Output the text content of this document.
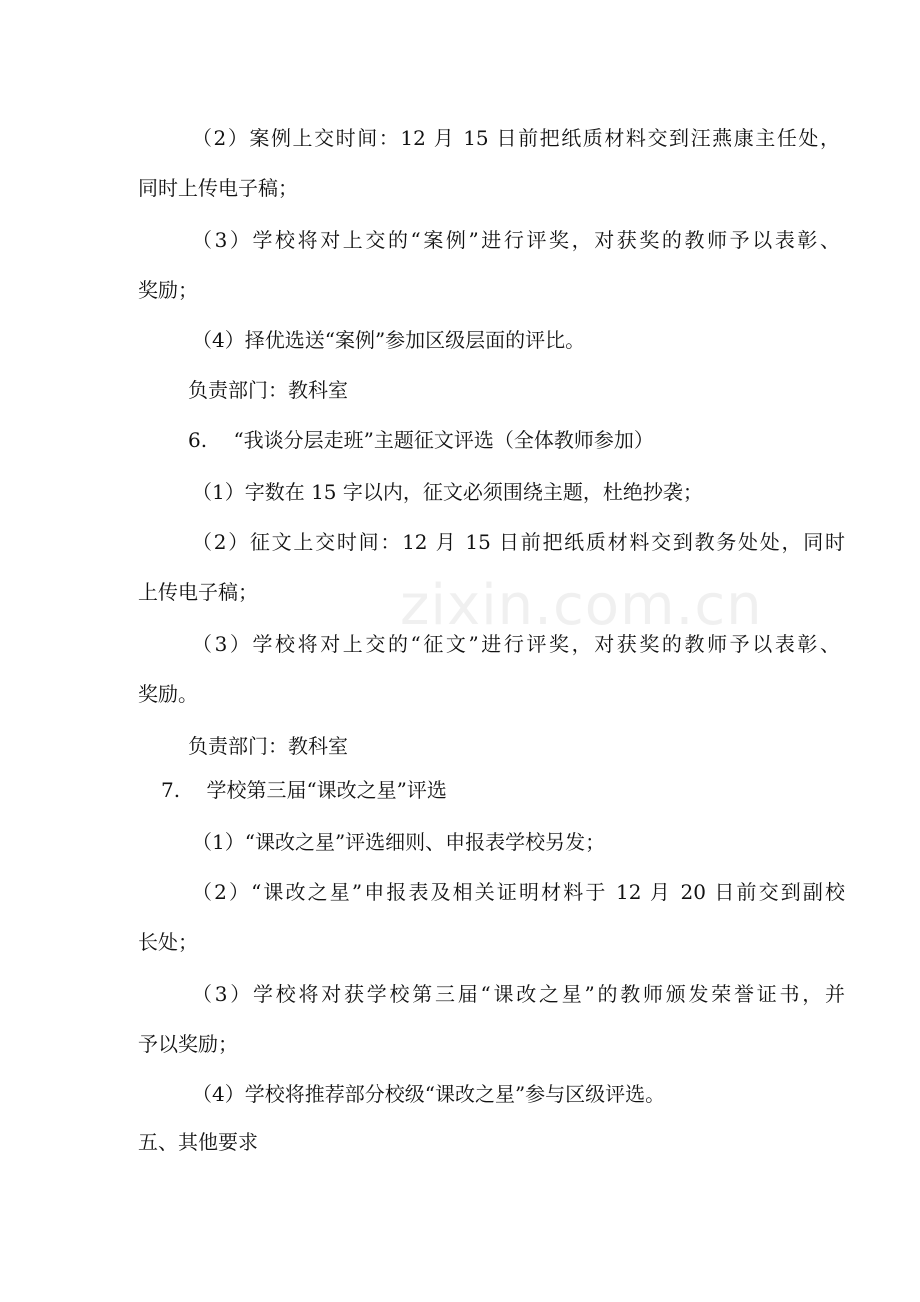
（2）案例上交时间：12 月 15 日前把纸质材料交到汪燕康主任处，
同时上传电子稿；
（3）学校将对上交的“案例”进行评奖，对获奖的教师予以表彰、
奖励；
（4）择优选送“案例”参加区级层面的评比。
负责部门：教科室
6.　 “我谈分层走班”主题征文评选（全体教师参加）
（1）字数在 15 字以内，征文必须围绕主题，杜绝抄袭；
（2）征文上交时间：12 月 15 日前把纸质材料交到教务处处，同时
上传电子稿；
（3）学校将对上交的“征文”进行评奖，对获奖的教师予以表彰、
奖励。
负责部门：教科室
7.　 学校第三届“课改之星”评选
（1）“课改之星”评选细则、申报表学校另发；
（2）“课改之星”申报表及相关证明材料于 12 月 20 日前交到副校
长处；
（3）学校将对获学校第三届“课改之星”的教师颁发荣誉证书，并
予以奖励；
（4）学校将推荐部分校级“课改之星”参与区级评选。
五、其他要求
zixin.com.cn
